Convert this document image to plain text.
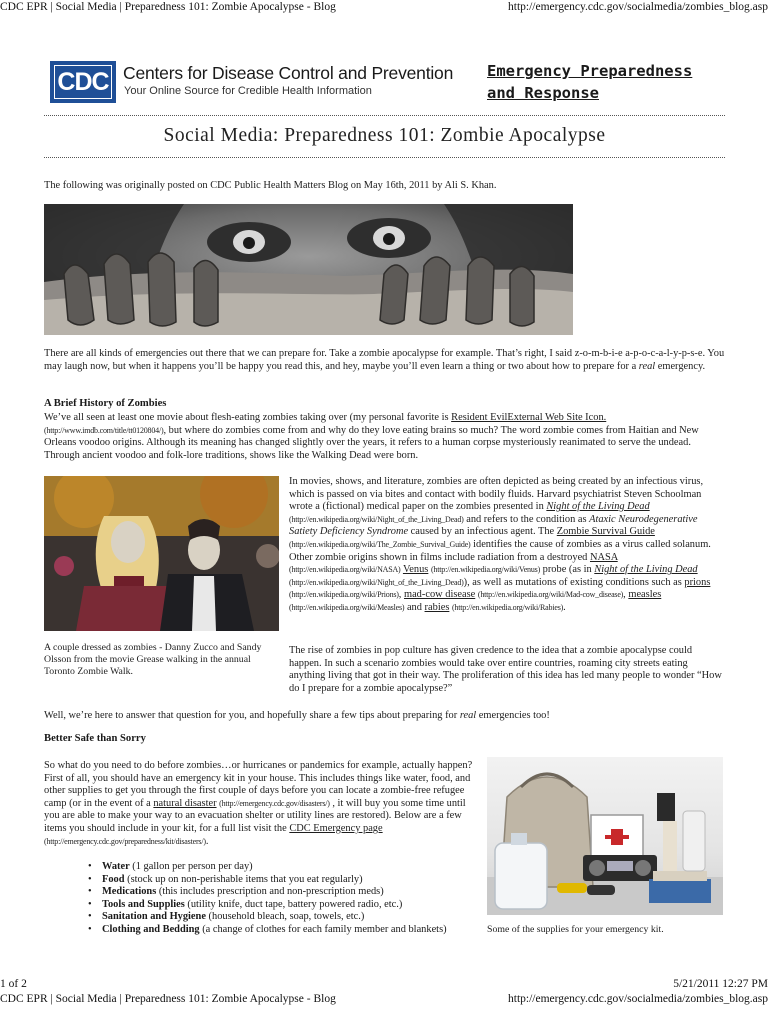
CDC EPR | Social Media | Preparedness 101: Zombie Apocalypse - Blog	http://emergency.cdc.gov/socialmedia/zombies_blog.asp
CDC Centers for Disease Control and Prevention
Your Online Source for Credible Health Information
Emergency Preparedness
and Response
Social Media: Preparedness 101: Zombie Apocalypse
The following was originally posted on CDC Public Health Matters Blog on May 16th, 2011 by Ali S. Khan.
There are all kinds of emergencies out there that we can prepare for. Take a zombie apocalypse for example. That’s right, I said z-o-m-b-i-e a-p-o-c-a-l-y-p-s-e. You may laugh now, but when it happens you’ll be happy you read this, and hey, maybe you’ll even learn a thing or two about how to prepare for a real emergency.
A Brief History of Zombies
We’ve all seen at least one movie about flesh-eating zombies taking over (my personal favorite is Resident EvilExternal Web Site Icon. (http://www.imdb.com/title/tt0120804/), but where do zombies come from and why do they love eating brains so much? The word zombie comes from Haitian and New Orleans voodoo origins. Although its meaning has changed slightly over the years, it refers to a human corpse mysteriously reanimated to serve the undead. Through ancient voodoo and folk-lore traditions, shows like the Walking Dead were born.
A couple dressed as zombies - Danny Zucco and Sandy Olsson from the movie Grease walking in the annual Toronto Zombie Walk.
In movies, shows, and literature, zombies are often depicted as being created by an infectious virus, which is passed on via bites and contact with bodily fluids. Harvard psychiatrist Steven Schoolman wrote a (fictional) medical paper on the zombies presented in Night of the Living Dead (http://en.wikipedia.org/wiki/Night_of_the_Living_Dead) and refers to the condition as Ataxic Neurodegenerative Satiety Deficiency Syndrome caused by an infectious agent. The Zombie Survival Guide (http://en.wikipedia.org/wiki/The_Zombie_Survival_Guide) identifies the cause of zombies as a virus called solanum. Other zombie origins shown in films include radiation from a destroyed NASA (http://en.wikipedia.org/wiki/NASA) Venus (http://en.wikipedia.org/wiki/Venus) probe (as in Night of the Living Dead (http://en.wikipedia.org/wiki/Night_of_the_Living_Dead)), as well as mutations of existing conditions such as prions (http://en.wikipedia.org/wiki/Prions), mad-cow disease (http://en.wikipedia.org/wiki/Mad-cow_disease), measles (http://en.wikipedia.org/wiki/Measles) and rabies (http://en.wikipedia.org/wiki/Rabies).
The rise of zombies in pop culture has given credence to the idea that a zombie apocalypse could happen. In such a scenario zombies would take over entire countries, roaming city streets eating anything living that got in their way. The proliferation of this idea has led many people to wonder “How do I prepare for a zombie apocalypse?”
Well, we’re here to answer that question for you, and hopefully share a few tips about preparing for real emergencies too!
Better Safe than Sorry
So what do you need to do before zombies…or hurricanes or pandemics for example, actually happen? First of all, you should have an emergency kit in your house. This includes things like water, food, and other supplies to get you through the first couple of days before you can locate a zombie-free refugee camp (or in the event of a natural disaster (http://emergency.cdc.gov/disasters/) , it will buy you some time until you are able to make your way to an evacuation shelter or utility lines are restored). Below are a few items you should include in your kit, for a full list visit the CDC Emergency page (http://emergency.cdc.gov/preparedness/kit/disasters/).
• Water (1 gallon per person per day)
• Food (stock up on non-perishable items that you eat regularly)
• Medications (this includes prescription and non-prescription meds)
• Tools and Supplies (utility knife, duct tape, battery powered radio, etc.)
• Sanitation and Hygiene (household bleach, soap, towels, etc.)
• Clothing and Bedding (a change of clothes for each family member and blankets)	Some of the supplies for your emergency kit.
1 of 2	5/21/2011 12:27 PM
CDC EPR | Social Media | Preparedness 101: Zombie Apocalypse - Blog	http://emergency.cdc.gov/socialmedia/zombies_blog.asp
